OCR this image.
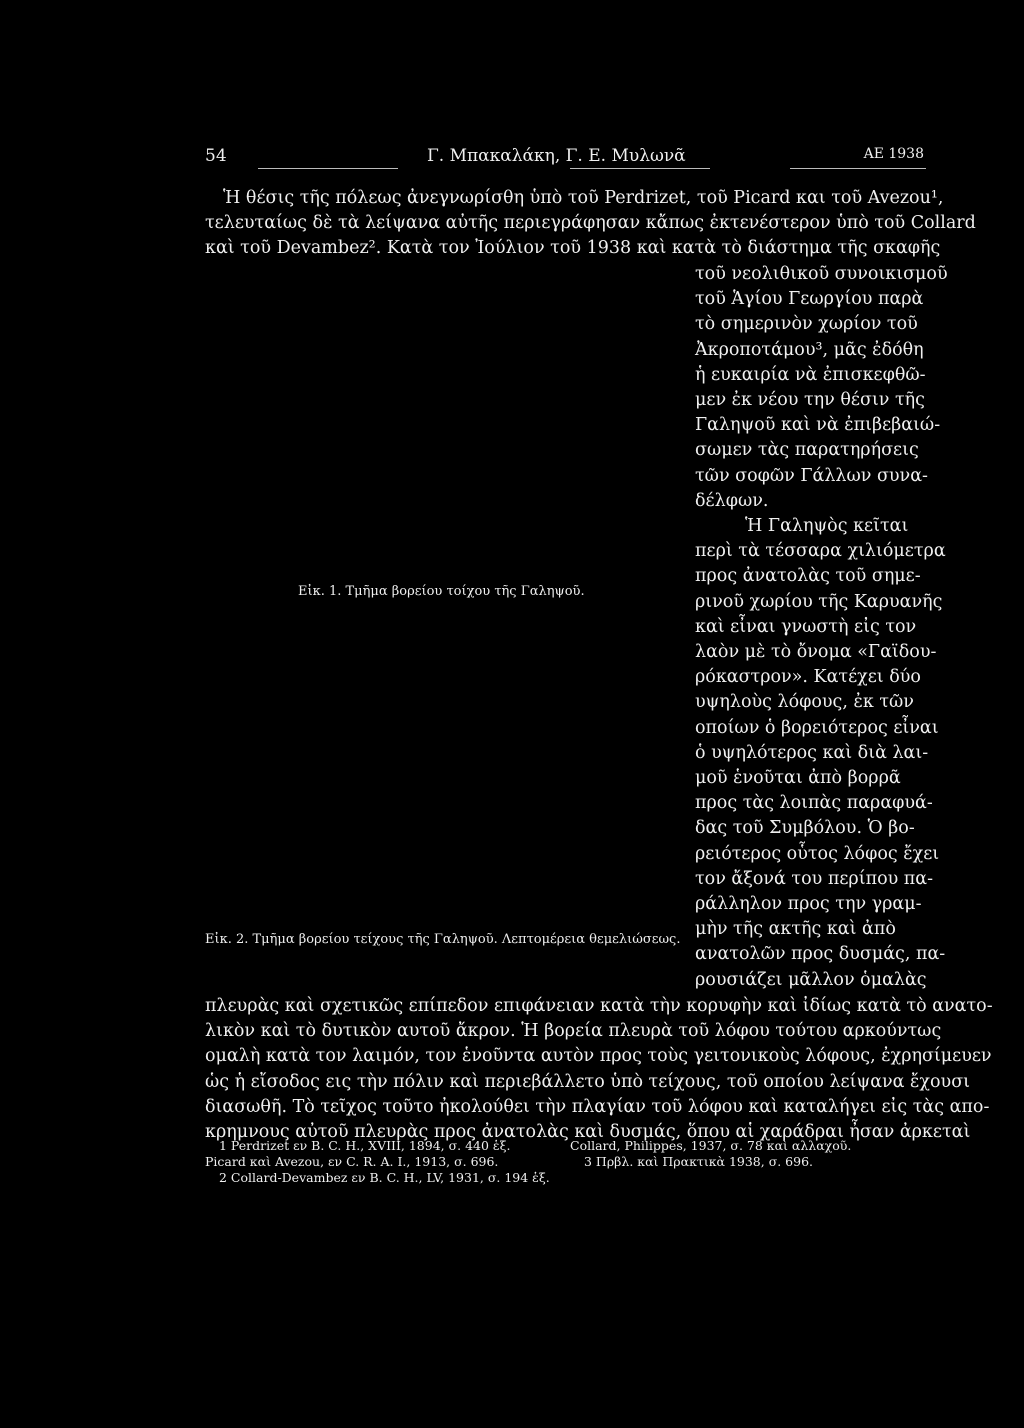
54	Γ. Μπακαλάκη, Γ. Ε. Μυλωνᾶ	ΑΕ 1938

Ἡ θέσις τῆς πόλεως ἀνεγνωρίσθη ὑπὸ τοῦ Perdrizet, τοῦ Picard και τοῦ Avezou¹,

τελευταίως δὲ τὰ λείψανα αὐτῆς περιεγράφησαν κἄπως ἐκτενέστερον ὑπὸ τοῦ Collard

καὶ τοῦ Devambez². Κατὰ τον Ἰούλιον τοῦ 1938 καὶ κατὰ τὸ διάστημα τῆς σκαφῆς

τοῦ νεολιθικοῦ συνοικισμοῦ

τοῦ Ἁγίου Γεωργίου παρὰ

τὸ σημερινὸν χωρίον τοῦ

Ἀκροποτάμου³, μᾶς ἐδόθη

ἡ ευκαιρία νὰ ἐπισκεφθῶ-

μεν ἐκ νέου την θέσιν τῆς

Γαληψοῦ καὶ νὰ ἐπιβεβαιώ-

σωμεν τὰς παρατηρήσεις

τῶν σοφῶν Γάλλων συνα-

δέλφων.

Ἡ Γαληψὸς κεῖται

περὶ τὰ τέσσαρα χιλιόμετρα

προς ἀνατολὰς τοῦ σημε-

ρινοῦ χωρίου τῆς Καρυανῆς

καὶ εἶναι γνωστὴ εἰς τον

λαὸν μὲ τὸ ὄνομα «Γαϊδου-

ρόκαστρον». Κατέχει δύο

υψηλοὺς λόφους, ἐκ τῶν

οποίων ὁ βορειότερος εἶναι

ὁ υψηλότερος καὶ διὰ λαι-

μοῦ ἑνοῦται ἀπὸ βορρᾶ

προς τὰς λοιπὰς παραφυά-

δας τοῦ Συμβόλου. Ὁ βο-

ρειότερος οὗτος λόφος ἔχει

τον ἄξονά του περίπου πα-

ράλληλον προς την γραμ-

μὴν τῆς ακτῆς καὶ ἀπὸ

ανατολῶν προς δυσμάς, πα-

ρουσιάζει μᾶλλον ὁμαλὰς

Εἰκ. 1. Τμῆμα βορείου τοίχου τῆς Γαληψοῦ.
Εἰκ. 2. Τμῆμα βορείου τείχους τῆς Γαληψοῦ. Λεπτομέρεια θεμελιώσεως.

πλευρὰς καὶ σχετικῶς επίπεδον επιφάνειαν κατὰ τὴν κορυφὴν καὶ ἰδίως κατὰ τὸ ανατο-

λικὸν καὶ τὸ δυτικὸν αυτοῦ ἄκρον. Ἡ βορεία πλευρὰ τοῦ λόφου τούτου αρκούντως

ομαλὴ κατὰ τον λαιμόν, τον ἑνοῦντα αυτὸν προς τοὺς γειτονικοὺς λόφους, ἐχρησίμευεν

ὡς ἡ εἴσοδος εις τὴν πόλιν καὶ περιεβάλλετο ὑπὸ τείχους, τοῦ οποίου λείψανα ἔχουσι

διασωθῆ. Τὸ τεῖχος τοῦτο ἠκολούθει τὴν πλαγίαν τοῦ λόφου καὶ καταλήγει εἰς τὰς απο-

κρημνους αὐτοῦ πλευρὰς προς ἀνατολὰς καὶ δυσμάς, ὅπου αἱ χαράδραι ἦσαν ἀρκεταὶ

1 Perdrizet εν B. C. H., XVIII, 1894, σ. 440 ἑξ.

Picard καὶ Avezou, εν C. R. A. I., 1913, σ. 696.

2 Collard-Devambez εν B. C. H., LV, 1931, σ. 194 ἑξ.

Collard, Philippes, 1937, σ. 78 καὶ αλλαχοῦ.

3 Πρβλ. καὶ Πρακτικὰ 1938, σ. 696.
